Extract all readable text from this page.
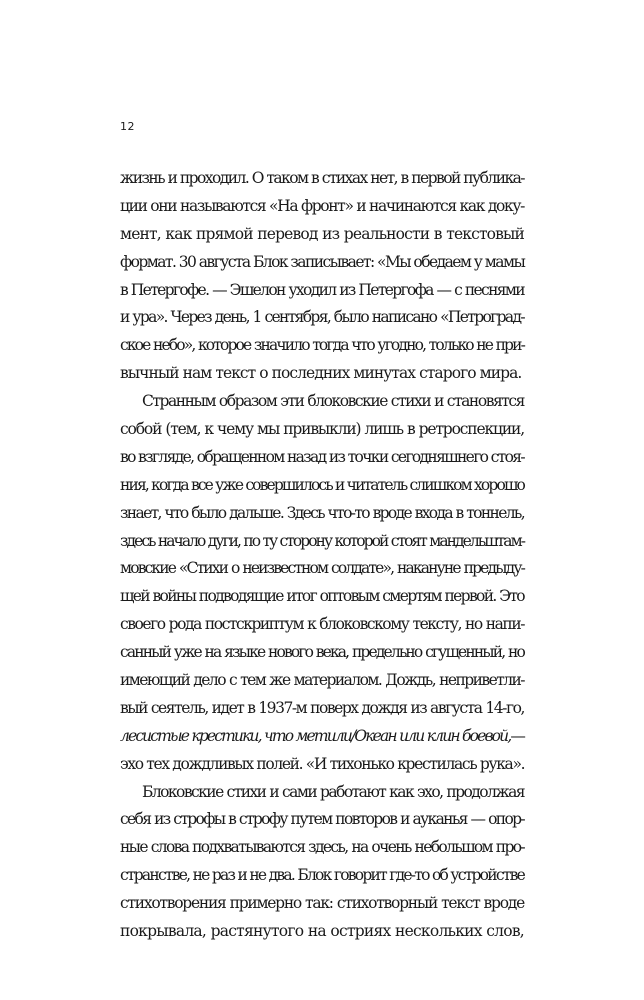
12
жизнь и проходил. О таком в стихах нет, в первой публика-
ции они называются «На фронт» и начинаются как доку-
мент, как прямой перевод из реальности в текстовый
формат. 30 августа Блок записывает: «Мы обедаем у мамы
в Петергофе. — Эшелон уходил из Петергофа — с песнями
и ура». Через день, 1 сентября, было написано «Петроград-
ское небо», которое значило тогда что угодно, только не при-
вычный нам текст о последних минутах старого мира.
Странным образом эти блоковские стихи и становятся
собой (тем, к чему мы привыкли) лишь в ретроспекции,
во взгляде, обращенном назад из точки сегодняшнего стоя-
ния, когда все уже совершилось и читатель слишком хорошо
знает, что было дальше. Здесь что-то вроде входа в тоннель,
здесь начало дуги, по ту сторону которой стоят мандельштам-
мовские «Стихи о неизвестном солдате», накануне предыду-
щей войны подводящие итог оптовым смертям первой. Это
своего рода постскриптум к блоковскому тексту, но напи-
санный уже на языке нового века, предельно сгущенный, но
имеющий дело с тем же материалом. Дождь, неприветли-
вый сеятель, идет в 1937-м поверх дождя из августа 14-го,
лесистые крестики, что метили/Океан или клин боевой,—
эхо тех дождливых полей. «И тихонько крестилась рука».
Блоковские стихи и сами работают как эхо, продолжая
себя из строфы в строфу путем повторов и ауканья — опор-
ные слова подхватываются здесь, на очень небольшом про-
странстве, не раз и не два. Блок говорит где-то об устройстве
стихотворения примерно так: стихотворный текст вроде
покрывала, растянутого на остриях нескольких слов,
